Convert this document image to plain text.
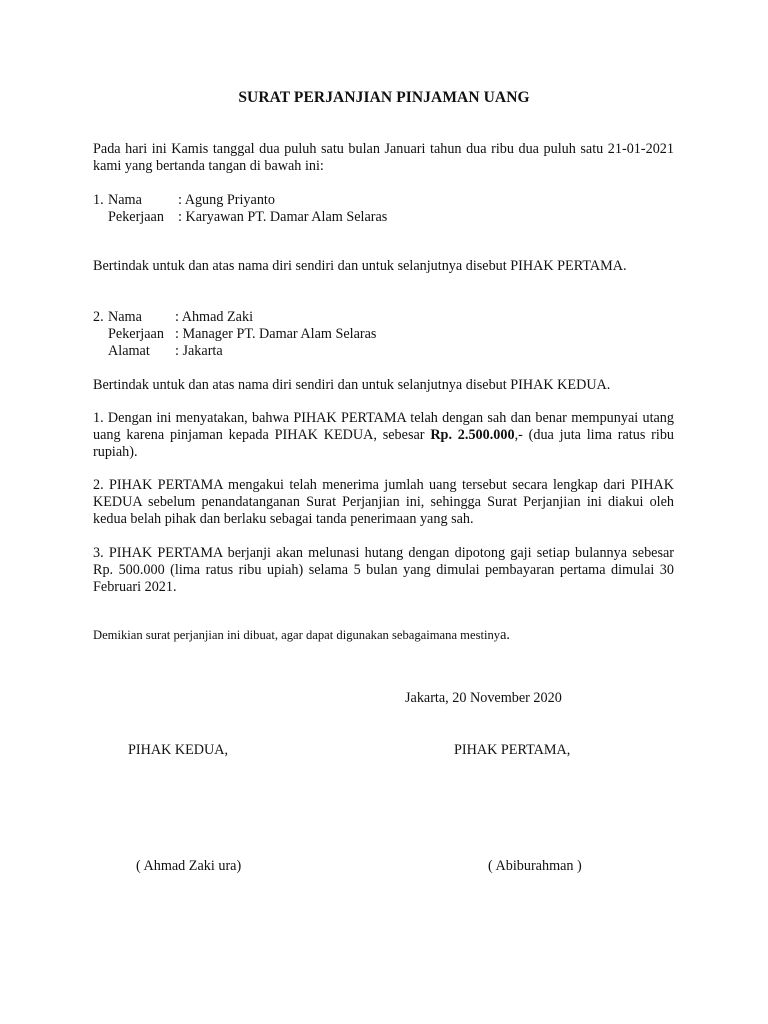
SURAT PERJANJIAN PINJAMAN UANG

Pada hari ini Kamis tanggal dua puluh satu bulan Januari tahun dua ribu dua puluh satu 21-01-2021 kami yang bertanda tangan di bawah ini:

1. Nama	: Agung Priyanto
Pekerjaan : Karyawan PT. Damar Alam Selaras

Bertindak untuk dan atas nama diri sendiri dan untuk selanjutnya disebut PIHAK PERTAMA.

2. Nama	: Ahmad Zaki
Pekerjaan : Manager PT. Damar Alam Selaras
Alamat	: Jakarta

Bertindak untuk dan atas nama diri sendiri dan untuk selanjutnya disebut PIHAK KEDUA.

1. Dengan ini menyatakan, bahwa PIHAK PERTAMA telah dengan sah dan benar mempunyai utang uang karena pinjaman kepada PIHAK KEDUA, sebesar Rp. 2.500.000,- (dua juta lima ratus ribu rupiah).

2. PIHAK PERTAMA mengakui telah menerima jumlah uang tersebut secara lengkap dari PIHAK KEDUA sebelum penandatanganan Surat Perjanjian ini, sehingga Surat Perjanjian ini diakui oleh kedua belah pihak dan berlaku sebagai tanda penerimaan yang sah.

3. PIHAK PERTAMA berjanji akan melunasi hutang dengan dipotong gaji setiap bulannya sebesar Rp. 500.000 (lima ratus ribu upiah) selama 5 bulan yang dimulai pembayaran pertama dimulai 30 Februari 2021.

Demikian surat perjanjian ini dibuat, agar dapat digunakan sebagaimana mestinya.

Jakarta, 20 November 2020
PIHAK KEDUA,	PIHAK PERTAMA,
( Ahmad Zaki ura)	( Abiburahman )
